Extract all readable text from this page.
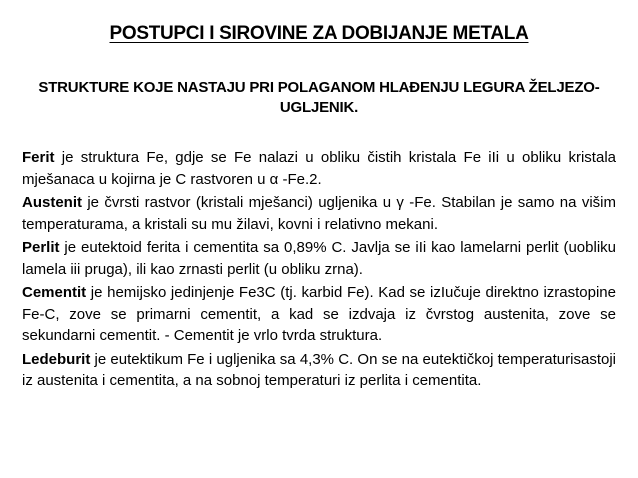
POSTUPCI I SIROVINE ZA DOBIJANJE METALA
STRUKTURE KOJE NASTAJU PRI POLAGANOM HLAĐENJU LEGURA ŽELJEZO-UGLJENIK.

Ferit je struktura Fe, gdje se Fe nalazi u obliku čistih kristala Fe iIi u obliku kristala mješanaca u kojirna je C rastvoren u α -Fe.2.

Austenit je čvrsti rastvor (kristali mješanci) ugljenika u γ -Fe. Stabilan je samo na višim temperaturama, a kristali su mu žilavi, kovni i relativno mekani.

Perlit je eutektoid ferita i cementita sa 0,89% C. Javlja se iIi kao lamelarni perlit (uobliku lamela iii pruga), ili kao zrnasti perlit (u obliku zrna).

Cementit je hemijsko jedinjenje Fe3C (tj. karbid Fe). Kad se izIučuje direktno izrastopine Fe-C, zove se primarni cementit, a kad se izdvaja iz čvrstog austenita, zove se sekundarni cementit. - Cementit je vrlo tvrda struktura.

Ledeburit je eutektikum Fe i ugljenika sa 4,3% C. On se na eutektičkoj temperaturisastoji iz austenita i cementita, a na sobnoj temperaturi iz perlita i cementita.
